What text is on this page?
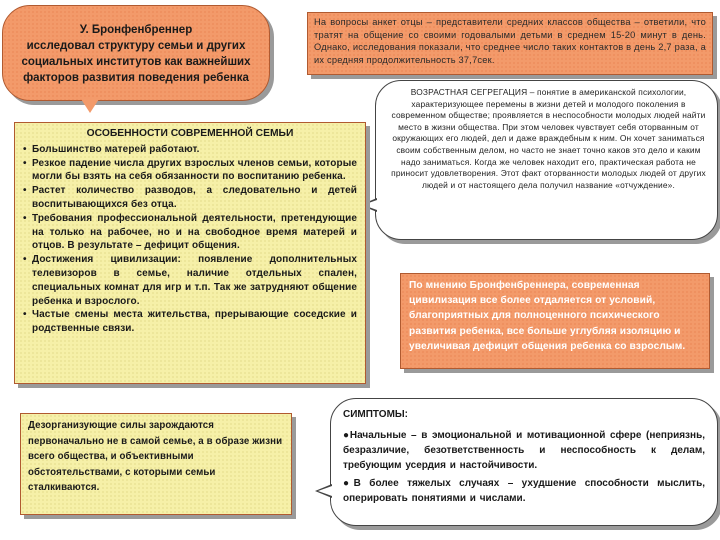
У. Бронфенбреннер
исследовал структуру семьи и других социальных институтов как важнейших факторов развития поведения ребенка
На вопросы анкет отцы – представители средних классов общества – ответили, что тратят на общение со своими годовалыми детьми в среднем 15-20 минут в день. Однако, исследования показали, что среднее число таких контактов в день 2,7 раза, а их средняя продолжительность 37,7сек.
ВОЗРАСТНАЯ СЕГРЕГАЦИЯ – понятие в американской психологии, характеризующее перемены в жизни детей и молодого поколения в современном обществе; проявляется в неспособности молодых людей найти место в жизни общества. При этом человек чувствует себя оторванным от окружающих его людей, дел и даже враждебным к ним. Он хочет заниматься своим собственным делом, но часто не знает точно каков это дело и каким надо заниматься. Когда же человек находит его, практическая работа не приносит удовлетворения. Этот факт оторванности молодых людей от других людей и от настоящего дела получил название «отчуждение».
ОСОБЕННОСТИ СОВРЕМЕННОЙ СЕМЬИ
• Большинство матерей работают.
• Резкое падение числа других взрослых членов семьи, которые могли бы взять на себя обязанности по воспитанию ребенка.
• Растет количество разводов, а следовательно и детей воспитывающихся без отца.
• Требования профессиональной деятельности, претендующие на только на рабочее, но и на свободное время матерей и отцов. В результате – дефицит общения.
• Достижения цивилизации: появление дополнительных телевизоров в семье, наличие отдельных спален, специальных комнат для игр и т.п. Так же затрудняют общение ребенка и взрослого.
• Частые смены места жительства, прерывающие соседские и родственные связи.
По мнению Бронфенбреннера, современная цивилизация все более отдаляется от условий, благоприятных для полноценного психического развития ребенка, все больше углубляя изоляцию и увеличивая дефицит общения ребенка со взрослым.
Дезорганизующие силы зарождаются первоначально не в самой семье, а в образе жизни всего общества, и объективными обстоятельствами, с которыми семьи сталкиваются.
СИМПТОМЫ:

●Начальные – в эмоциональной и мотивационной сфере (неприязнь, безразличие, безответственность и неспособность к делам, требующим усердия и настойчивости.

●В более тяжелых случаях – ухудшение способности мыслить, оперировать понятиями и числами.
